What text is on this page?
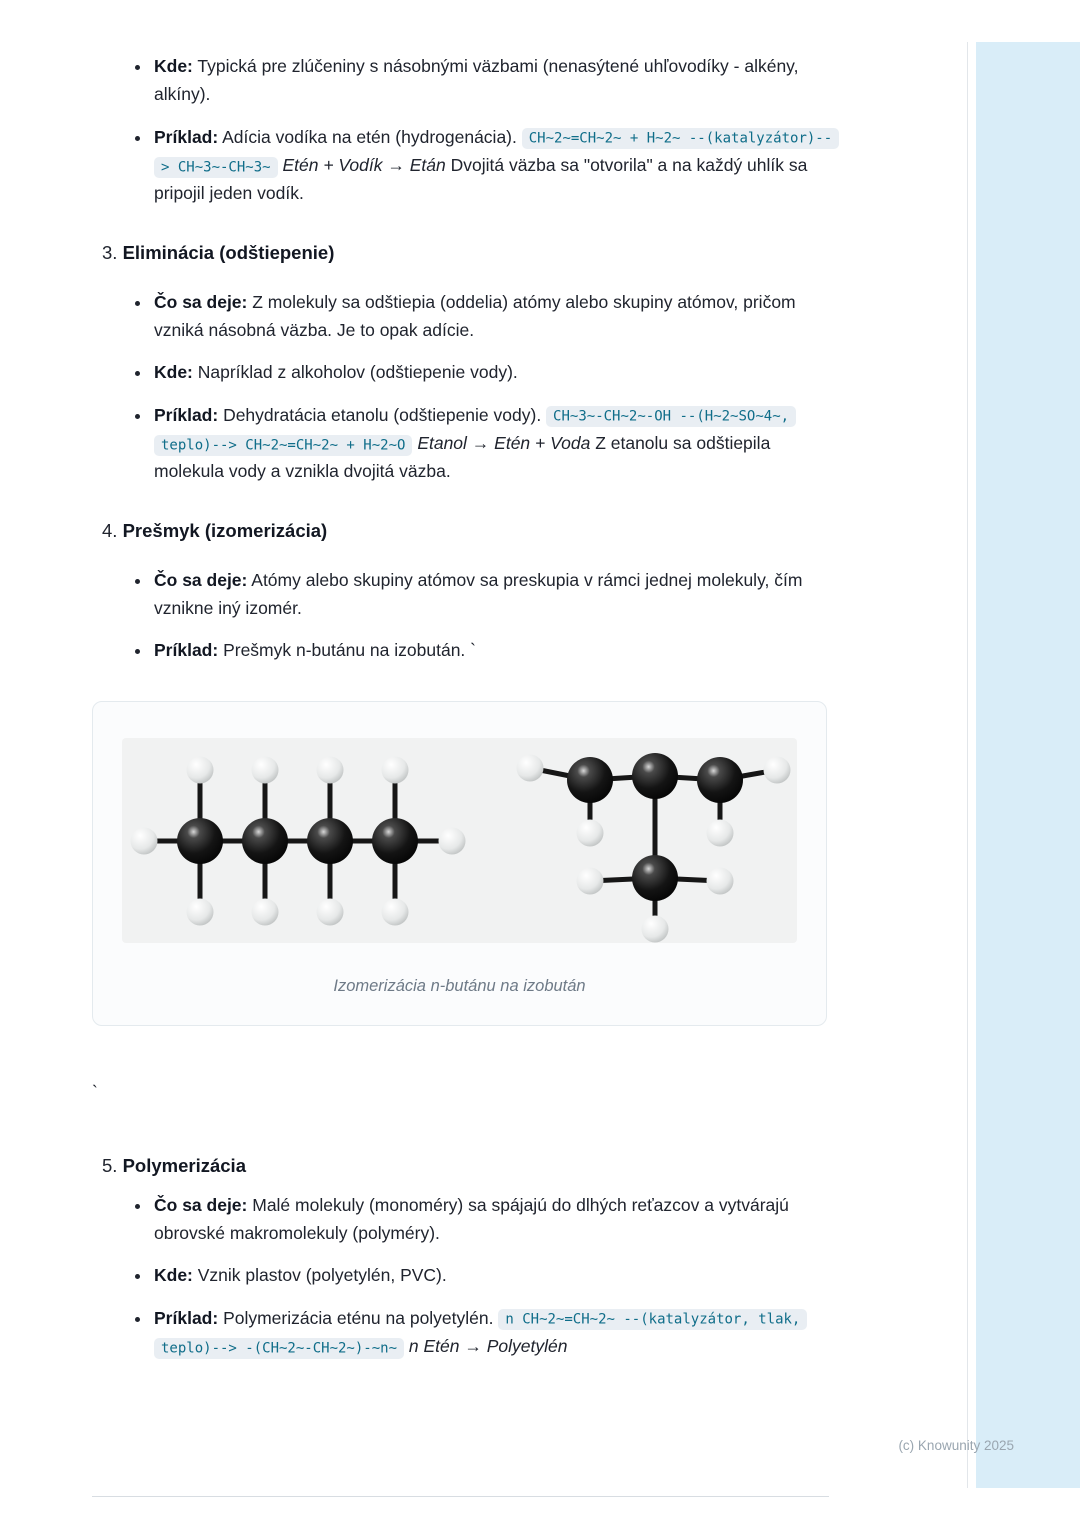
• Kde: Typická pre zlúčeniny s násobnými väzbami (nenasýtené uhľovodíky - alkény, alkíny).
• Príklad: Adícia vodíka na etén (hydrogenácia). CH~2~=CH~2~ + H~2~ --(katalyzátor)--> CH~3~-CH~3~ Etén + Vodík → Etán Dvojitá väzba sa "otvorila" a na každý uhlík sa pripojil jeden vodík.
3. Eliminácia (odštiepenie)
• Čo sa deje: Z molekuly sa odštiepia (oddelia) atómy alebo skupiny atómov, pričom vzniká násobná väzba. Je to opak adície.
• Kde: Napríklad z alkoholov (odštiepenie vody).
• Príklad: Dehydratácia etanolu (odštiepenie vody). CH~3~-CH~2~-OH --(H~2~SO~4~, teplo)--> CH~2~=CH~2~ + H~2~O Etanol → Etén + Voda Z etanolu sa odštiepila molekula vody a vznikla dvojitá väzba.
4. Prešmyk (izomerizácia)
• Čo sa deje: Atómy alebo skupiny atómov sa preskupia v rámci jednej molekuly, čím vznikne iný izomér.
• Príklad: Prešmyk n-butánu na izobután. `
Izomerizácia n-butánu na izobután
`
5. Polymerizácia
• Čo sa deje: Malé molekuly (monoméry) sa spájajú do dlhých reťazcov a vytvárajú obrovské makromolekuly (polyméry).
• Kde: Vznik plastov (polyetylén, PVC).
• Príklad: Polymerizácia eténu na polyetylén. n CH~2~=CH~2~ --(katalyzátor, tlak, teplo)--> -(CH~2~-CH~2~)-~n~ n Etén → Polyetylén
(c) Knowunity 2025
